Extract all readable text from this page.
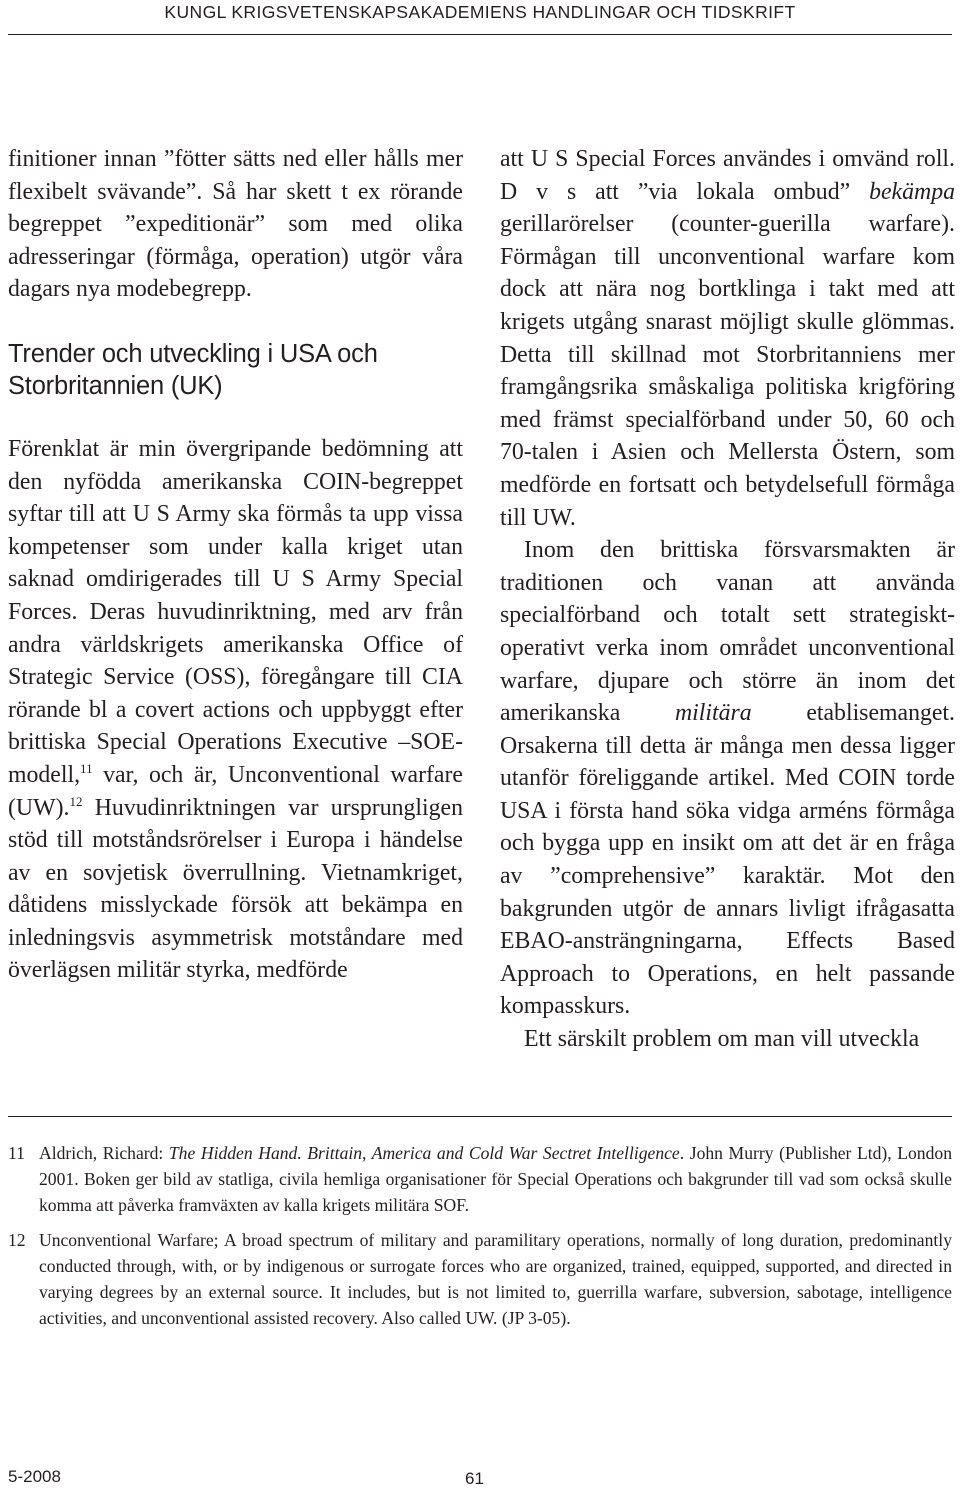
KUNGL KRIGSVETENSKAPSAKADEMIENS HANDLINGAR OCH TIDSKRIFT

finitioner innan ”fötter sätts ned eller hålls mer flexibelt svävande”. Så har skett t ex rörande begreppet ”expeditionär” som med olika adresseringar (förmåga, operation) utgör våra dagars nya modebegrepp.

Trender och utveckling i USA och Storbritannien (UK)

Förenklat är min övergripande bedömning att den nyfödda amerikanska COIN-begreppet syftar till att U S Army ska förmås ta upp vissa kompetenser som under kalla kriget utan saknad omdirigerades till U S Army Special Forces. Deras huvudinriktning, med arv från andra världskrigets amerikanska Office of Strategic Service (OSS), föregångare till CIA rörande bl a covert actions och uppbyggt efter brittiska Special Operations Executive –SOE-modell,$^{11}$ var, och är, Unconventional warfare (UW).$^{12}$ Huvudinriktningen var ursprungligen stöd till motståndsrörelser i Europa i händelse av en sovjetisk överrullning. Vietnamkriget, dåtidens misslyckade försök att bekämpa en inledningsvis asymmetrisk motståndare med överlägsen militär styrka, medförde

att U S Special Forces användes i omvänd roll. D v s att ”via lokala ombud” bekämpa gerillarörelser (counter-guerilla warfare). Förmågan till unconventional warfare kom dock att nära nog bortklinga i takt med att krigets utgång snarast möjligt skulle glömmas. Detta till skillnad mot Storbritanniens mer framgångsrika småskaliga politiska krigföring med främst specialförband under 50, 60 och 70-talen i Asien och Mellersta Östern, som medförde en fortsatt och betydelsefull förmåga till UW.

Inom den brittiska försvarsmakten är traditionen och vanan att använda specialförband och totalt sett strategiskt-operativt verka inom området unconventional warfare, djupare och större än inom det amerikanska militära etablisemanget. Orsakerna till detta är många men dessa ligger utanför föreliggande artikel. Med COIN torde USA i första hand söka vidga arméns förmåga och bygga upp en insikt om att det är en fråga av ”comprehensive” karaktär. Mot den bakgrunden utgör de annars livligt ifrågasatta EBAO-ansträngningarna, Effects Based Approach to Operations, en helt passande kompasskurs.

Ett särskilt problem om man vill utveckla

11 Aldrich, Richard: The Hidden Hand. Brittain, America and Cold War Sectret Intelligence. John Murry (Publisher Ltd), London 2001. Boken ger bild av statliga, civila hemliga organisationer för Special Operations och bakgrunder till vad som också skulle komma att påverka framväxten av kalla krigets militära SOF.
12 Unconventional Warfare; A broad spectrum of military and paramilitary operations, normally of long duration, predominantly conducted through, with, or by indigenous or surrogate forces who are organized, trained, equipped, supported, and directed in varying degrees by an external source. It includes, but is not limited to, guerrilla warfare, subversion, sabotage, intelligence activities, and unconventional assisted recovery. Also called UW. (JP 3-05).
5-2008	61
